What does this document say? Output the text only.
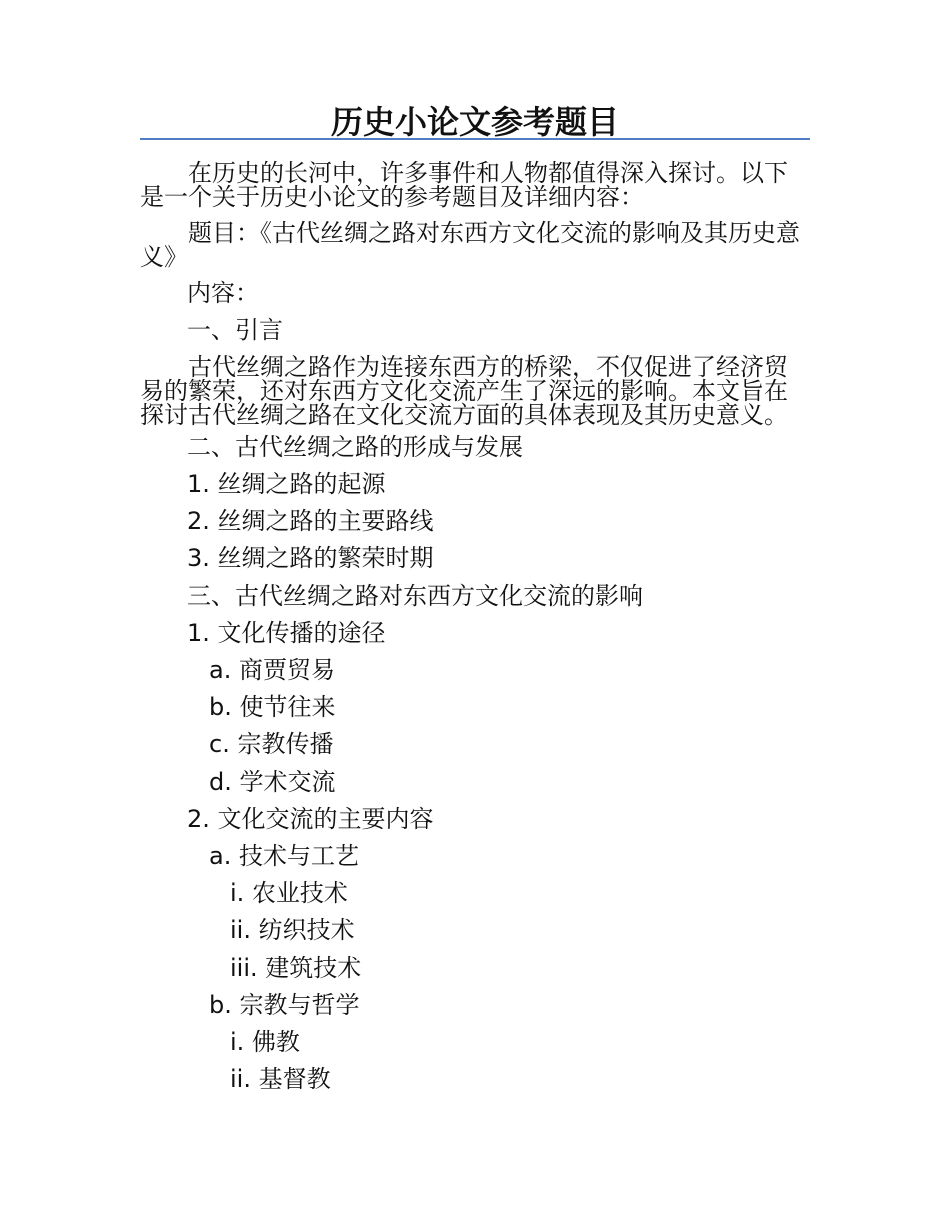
历史小论文参考题目

在历史的长河中，许多事件和人物都值得深入探讨。以下是一个关于历史小论文的参考题目及详细内容：

题目：《古代丝绸之路对东西方文化交流的影响及其历史意义》

内容：

一、引言

古代丝绸之路作为连接东西方的桥梁，不仅促进了经济贸易的繁荣，还对东西方文化交流产生了深远的影响。本文旨在探讨古代丝绸之路在文化交流方面的具体表现及其历史意义。

二、古代丝绸之路的形成与发展

1. 丝绸之路的起源

2. 丝绸之路的主要路线

3. 丝绸之路的繁荣时期

三、古代丝绸之路对东西方文化交流的影响

1. 文化传播的途径

a. 商贾贸易

b. 使节往来

c. 宗教传播

d. 学术交流

2. 文化交流的主要内容

a. 技术与工艺

i. 农业技术

ii. 纺织技术

iii. 建筑技术

b. 宗教与哲学

i. 佛教

ii. 基督教
